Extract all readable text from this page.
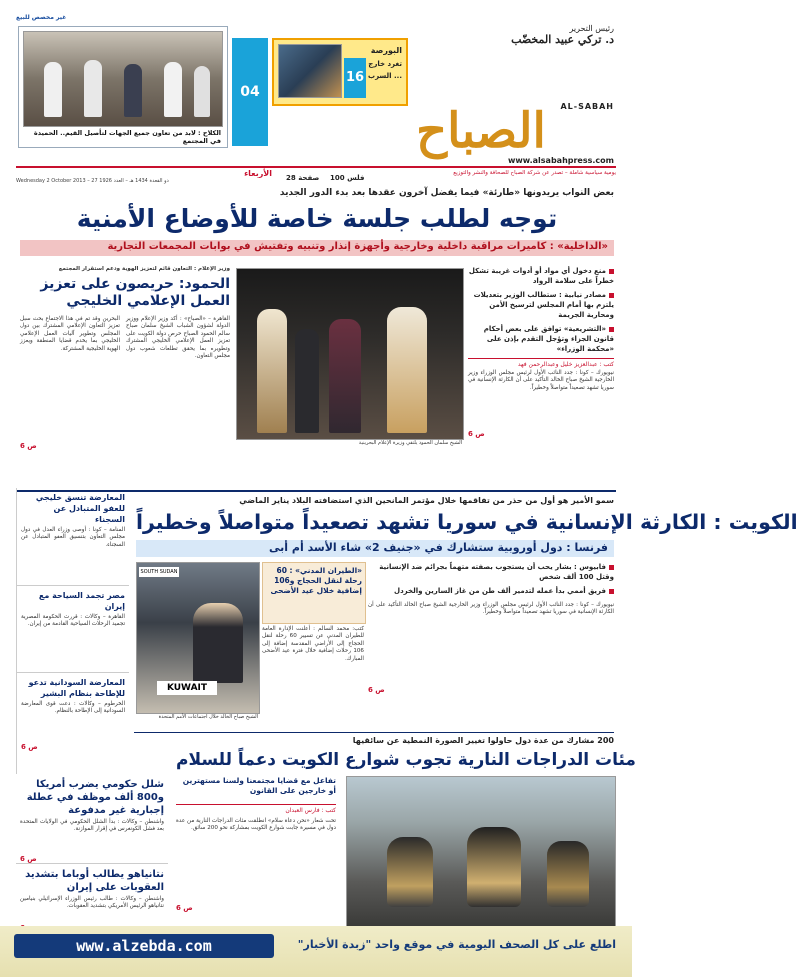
غير مخصص للبيع
الكلاح : لابد من تعاون جميع الجهات لتأصيل القيم.. الحميدة في المجتمع
04
16
البورصة
تغرد خارج
... السرب
رئيس التحرير
د. تركي عبيد المخضّب
AL-SABAH
الصباح
www.alsabahpress.com
يومية سياسية شاملة – تصدر عن شركة الصباح للصحافة والنشر والتوزيع
الأربعاء
Wednesday 2 October 2013 – 27 ذو القعدة 1434 هـ – العدد 1926	28 صفحة	100 فلس
بعض النواب يريدونها «طارئة» فيما يفضل آخرون عقدها بعد بدء الدور الجديد
توجه لطلب جلسة خاصة للأوضاع الأمنية
«الداخلية» : كاميرات مراقبة داخلية وخارجية وأجهزة إنذار وتنبيه وتفتيش في بوابات المجمعات التجارية
منع دخول أي مواد أو أدوات غريبة تشكل خطراً على سلامة الرواد
مصادر نيابية : ستطالب الوزير بتعديلات يلتزم بها أمام المجلس لترسيخ الأمن ومحاربة الجريمة
«التشريعية» توافق على بعض أحكام قانون الجزاء وتؤجل التقدم بإذن على «محكمة الوزراء»
كتب : عبدالعزيز خليل وعبدالرحمن فهد
نيويورك – كونا : جدد النائب الأول لرئيس مجلس الوزراء وزير الخارجية الشيخ صباح الخالد التأكيد على أن الكارثة الإنسانية في سوريا تشهد تصعيداً متواصلاً وخطيراً.
ص 6
وزير الإعلام : التعاون قائم لتعزيز الهوية ودعم استقرار المجتمع
الحمود: حريصون على تعزيز العمل الإعلامي الخليجي
البحرين وقد تم في هذا الاجتماع بحث سبل تعزيز التعاون الإعلامي المشترك بين دول المجلس وتطوير آليات العمل الإعلامي الخليجي بما يخدم قضايا المنطقة ويعزز الهوية الخليجية المشتركة.
القاهرة – «الصباح» : أكد وزير الإعلام ووزير الدولة لشؤون الشباب الشيخ سلمان صباح سالم الحمود الصباح حرص دولة الكويت على تعزيز العمل الإعلامي الخليجي المشترك وتطويره بما يحقق تطلعات شعوب دول مجلس التعاون.
ص 6	الشيخ سلمان الحمود يلتقي وزيرة الإعلام البحرينية
سمو الأمير هو أول من حذر من تفاقمها خلال مؤتمر المانحين الذي استضافته البلاد يناير الماضي
الكويت : الكارثة الإنسانية في سوريا تشهد تصعيداً متواصلاً وخطيراً
فرنسا : دول أوروبية ستشارك في «جنيف 2» شاء الأسد أم أبى
SOUTH SUDAN
KUWAIT
الشيخ صباح الخالد خلال اجتماعات الأمم المتحدة
«الطيران المدني» : 60 رحلة لنقل الحجاج و106 إضافية خلال عيد الأضحى
كتب: محمد السالم : أعلنت الإدارة العامة للطيران المدني عن تسيير 60 رحلة لنقل الحجاج إلى الأراضي المقدسة إضافة إلى 106 رحلات إضافية خلال فترة عيد الأضحى المبارك.
فابيوس : بشار يحب أن يستجوب بصفته متهماً بجرائم ضد الإنسانية وقتل 100 ألف شخص
فريق أممي بدأ عمله لتدمير ألف طن من غاز السارين والخردل
نيويورك – كونا : جدد النائب الأول لرئيس مجلس الوزراء وزير الخارجية الشيخ صباح الخالد التأكيد على أن الكارثة الإنسانية في سوريا تشهد تصعيداً متواصلاً وخطيراً.
ص 6
المعارضة تنسق خليجي للعفو المتبادل عن السجناء
المنامة – كونا : أوصى وزراء العدل في دول مجلس التعاون بتنسيق العفو المتبادل عن السجناء.
مصر تجمد السياحة مع إيران
القاهرة – وكالات : قررت الحكومة المصرية تجميد الرحلات السياحية القادمة من إيران.
المعارضة السودانية تدعو للإطاحة بنظام البشير
الخرطوم – وكالات : دعت قوى المعارضة السودانية إلى الإطاحة بالنظام.
ص 6
200 مشارك من عدة دول حاولوا تغيير الصورة النمطية عن سائقيها
مئات الدراجات النارية تجوب شوارع الكويت دعماً للسلام
تفاعل مع قضايا مجتمعنا ولسنا مستهترين أو خارجين على القانون
كتب : فارس العبدان
تحت شعار «نحن دعاة سلام» انطلقت مئات الدراجات النارية من عدة دول في مسيرة جابت شوارع الكويت بمشاركة نحو 200 سائق.
ص 6
شلل حكومي يضرب أمريكا و800 ألف موظف في عطلة إجبارية غير مدفوعة
واشنطن – وكالات : بدأ الشلل الحكومي في الولايات المتحدة بعد فشل الكونغرس في إقرار الموازنة.
ص 6
نتانياهو يطالب أوباما بتشديد العقوبات على إيران
واشنطن – وكالات : طالب رئيس الوزراء الإسرائيلي بنيامين نتانياهو الرئيس الأمريكي بتشديد العقوبات.
www.alzebda.com	اطلع على كل الصحف اليومية في موقع واحد "زبدة الأخبار"
